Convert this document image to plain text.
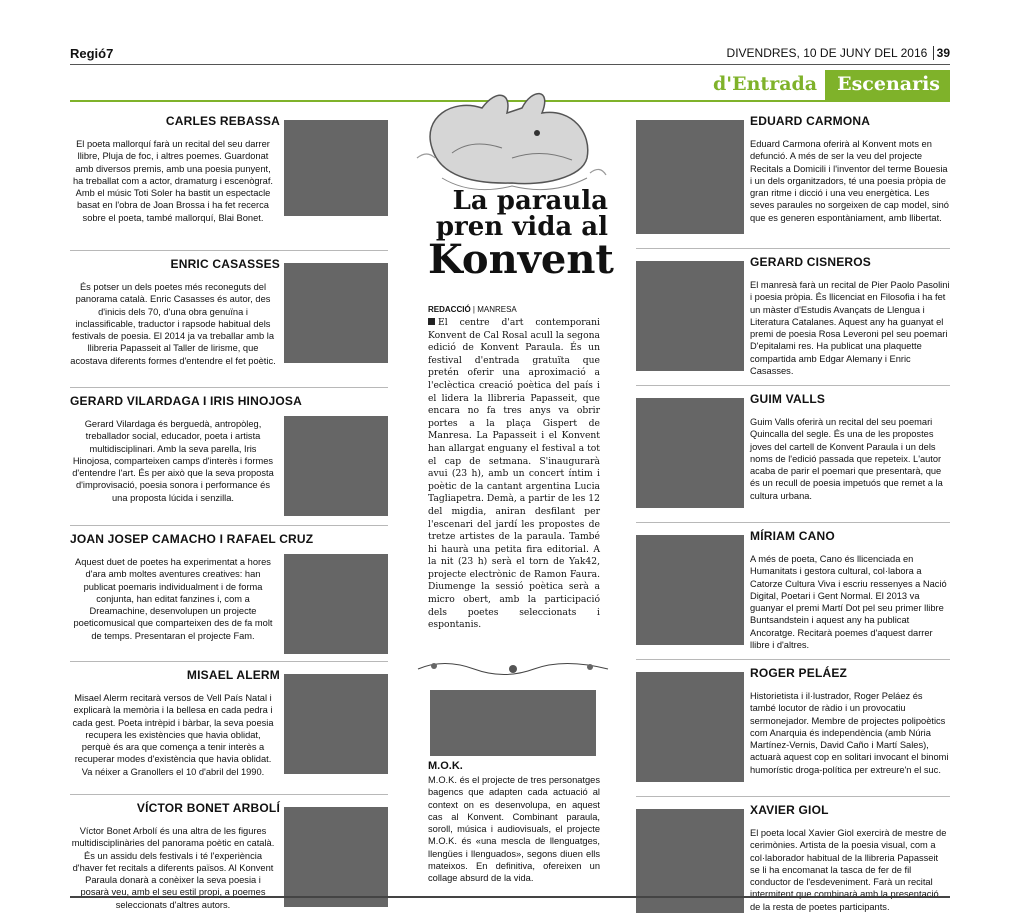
Regió7	DIVENDRES, 10 DE JUNY DEL 2016 39
d'Entrada	Escenaris
CARLES REBASSA
El poeta mallorquí farà un recital del seu darrer llibre, Pluja de foc, i altres poemes. Guardonat amb diversos premis, amb una poesia punyent, ha treballat com a actor, dramaturg i escenògraf. Amb el músic Toti Soler ha bastit un espectacle basat en l'obra de Joan Brossa i ha fet recerca sobre el poeta, també mallorquí, Blai Bonet.
ENRIC CASASSES
És potser un dels poetes més reconeguts del panorama català. Enric Casasses és autor, des d'inicis dels 70, d'una obra genuïna i inclassificable, traductor i rapsode habitual dels festivals de poesia. El 2014 ja va treballar amb la llibreria Papasseit al Taller de lirisme, que acostava diferents formes d'entendre el fet poètic.
GERARD VILARDAGA I IRIS HINOJOSA
Gerard Vilardaga és berguedà, antropòleg, treballador social, educador, poeta i artista multidisciplinari. Amb la seva parella, Iris Hinojosa, comparteixen camps d'interès i formes d'entendre l'art. És per això que la seva proposta d'improvisació, poesia sonora i performance és una proposta lúcida i senzilla.
JOAN JOSEP CAMACHO I RAFAEL CRUZ
Aquest duet de poetes ha experimentat a hores d'ara amb moltes aventures creatives: han publicat poemaris individualment i de forma conjunta, han editat fanzines i, com a Dreamachine, desenvolupen un projecte poeticomusical que comparteixen des de fa molt de temps. Presentaran el projecte Fam.
MISAEL ALERM
Misael Alerm recitarà versos de Vell País Natal i explicarà la memòria i la bellesa en cada pedra i cada gest. Poeta intrèpid i bàrbar, la seva poesia recupera les existències que havia oblidat, perquè és ara que comença a tenir interès a recuperar modes d'existència que havia oblidat. Va néixer a Granollers el 10 d'abril del 1990.
VÍCTOR BONET ARBOLÍ
Víctor Bonet Arbolí és una altra de les figures multidisciplinàries del panorama poètic en català. És un assidu dels festivals i té l'experiència d'haver fet recitals a diferents països. Al Konvent Paraula donarà a conèixer la seva poesia i posarà veu, amb el seu estil propi, a poemes seleccionats d'altres autors.
La paraula
pren vida al
Konvent
REDACCIÓ | MANRESA
El centre d'art contemporani Konvent de Cal Rosal acull la segona edició de Konvent Paraula. És un festival d'entrada gratuïta que pretén oferir una aproximació a l'eclèctica creació poètica del país i el lidera la llibreria Papasseit, que encara no fa tres anys va obrir portes a la plaça Gispert de Manresa. La Papasseit i el Konvent han allargat enguany el festival a tot el cap de setmana. S'inaugurarà avui (23 h), amb un concert íntim i poètic de la cantant argentina Lucia Tagliapetra. Demà, a partir de les 12 del migdia, aniran desfilant per l'escenari del jardí les propostes de tretze artistes de la paraula. També hi haurà una petita fira editorial. A la nit (23 h) serà el torn de Yak42, projecte electrònic de Ramon Faura. Diumenge la sessió poètica serà a micro obert, amb la participació dels poetes seleccionats i espontanis.
M.O.K.
M.O.K. és el projecte de tres personatges bagencs que adapten cada actuació al context on es desenvolupa, en aquest cas al Konvent. Combinant paraula, soroll, música i audiovisuals, el projecte M.O.K. és «una mescla de llenguatges, llengües i llenguados», segons diuen ells mateixos. En definitiva, ofereixen un collage absurd de la vida.
EDUARD CARMONA
Eduard Carmona oferirà al Konvent mots en defunció. A més de ser la veu del projecte Recitals a Domicili i l'inventor del terme Bouesia i un dels organitzadors, té una poesia pròpia de gran ritme i dicció i una veu energètica. Les seves paraules no sorgeixen de cap model, sinó que es generen espontàniament, amb llibertat.
GERARD CISNEROS
El manresà farà un recital de Pier Paolo Pasolini i poesia pròpia. És llicenciat en Filosofia i ha fet un màster d'Estudis Avançats de Llengua i Literatura Catalanes. Aquest any ha guanyat el premi de poesia Rosa Leveroni pel seu poemari D'epitalami res. Ha publicat una plaquette compartida amb Edgar Alemany i Enric Casasses.
GUIM VALLS
Guim Valls oferirà un recital del seu poemari Quincalla del segle. És una de les propostes joves del cartell de Konvent Paraula i un dels noms de l'edició passada que repeteix. L'autor acaba de parir el poemari que presentarà, que és un recull de poesia impetuós que remet a la cultura urbana.
MÍRIAM CANO
A més de poeta, Cano és llicenciada en Humanitats i gestora cultural, col·labora a Catorze Cultura Viva i escriu ressenyes a Nació Digital, Poetari i Gent Normal. El 2013 va guanyar el premi Martí Dot pel seu primer llibre Buntsandstein i aquest any ha publicat Ancoratge. Recitarà poemes d'aquest darrer llibre i d'altres.
ROGER PELÁEZ
Historietista i il·lustrador, Roger Peláez és també locutor de ràdio i un provocatiu sermonejador. Membre de projectes polipoètics com Anarquia és independència (amb Núria Martínez-Vernis, David Caño i Martí Sales), actuarà aquest cop en solitari invocant el binomi humorístic droga-política per extreure'n el suc.
XAVIER GIOL
El poeta local Xavier Giol exercirà de mestre de cerimònies. Artista de la poesia visual, com a col·laborador habitual de la llibreria Papasseit se li ha encomanat la tasca de fer de fil conductor de l'esdeveniment. Farà un recital intermitent que combinarà amb la presentació de la resta de poetes participants.
